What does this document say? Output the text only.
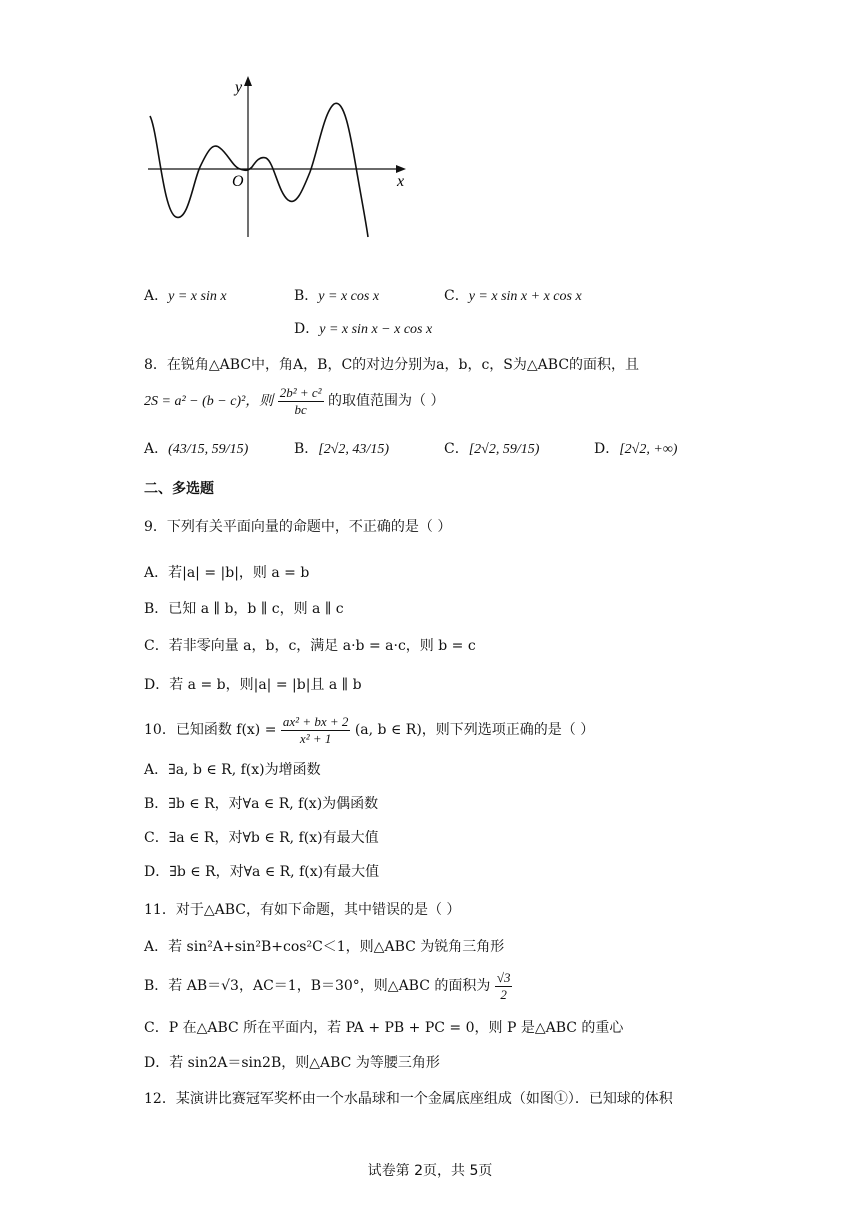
y
x
O
A．y = x sin x	B．y = x cos x	C．y = x sin x + x cos x
D．y = x sin x − x cos x
8．在锐角△ABC中，角A，B，C的对边分别为a，b，c，S为△ABC的面积，且
2S = a² − (b − c)²，则 $\frac{\text{2b² + c²}}{bc}$ 的取值范围为（ ）
A．(43/15, 59/15)	B．[2√2, 43/15)	C．[2√2, 59/15)	D．[2√2, +∞)
二、多选题
9．下列有关平面向量的命题中，不正确的是（ ）
A．若|a| = |b|，则 a = b
B．已知 a ∥ b，b ∥ c，则 a ∥ c
C．若非零向量 a，b，c，满足 a·b = a·c，则 b = c
D．若 a = b，则|a| = |b|且 a ∥ b
10．已知函数 $f(x) = \frac{\text{ax² + bx + 2}}{\text{x² + 1}} (a$, b ∈ R)，则下列选项正确的是（ ）
A．∃a, b ∈ R, f(x)为增函数
B．∃b ∈ R，对∀a ∈ R, f(x)为偶函数
C．∃a ∈ R，对∀b ∈ R, f(x)有最大值
D．∃b ∈ R，对∀a ∈ R, f(x)有最大值
11．对于△ABC，有如下命题，其中错误的是（ ）
A．若 sin²A+sin²B+cos²C＜1，则△ABC 为锐角三角形
B．若 AB＝√3，AC＝1，B＝30°，则△ABC 的面积为 $\frac{√3}{2}$
C．P 在△ABC 所在平面内，若 PA + PB + PC = 0，则 P 是△ABC 的重心
D．若 sin2A＝sin2B，则△ABC 为等腰三角形
12．某演讲比赛冠军奖杯由一个水晶球和一个金属底座组成（如图①）．已知球的体积
试卷第 2页，共 5页
